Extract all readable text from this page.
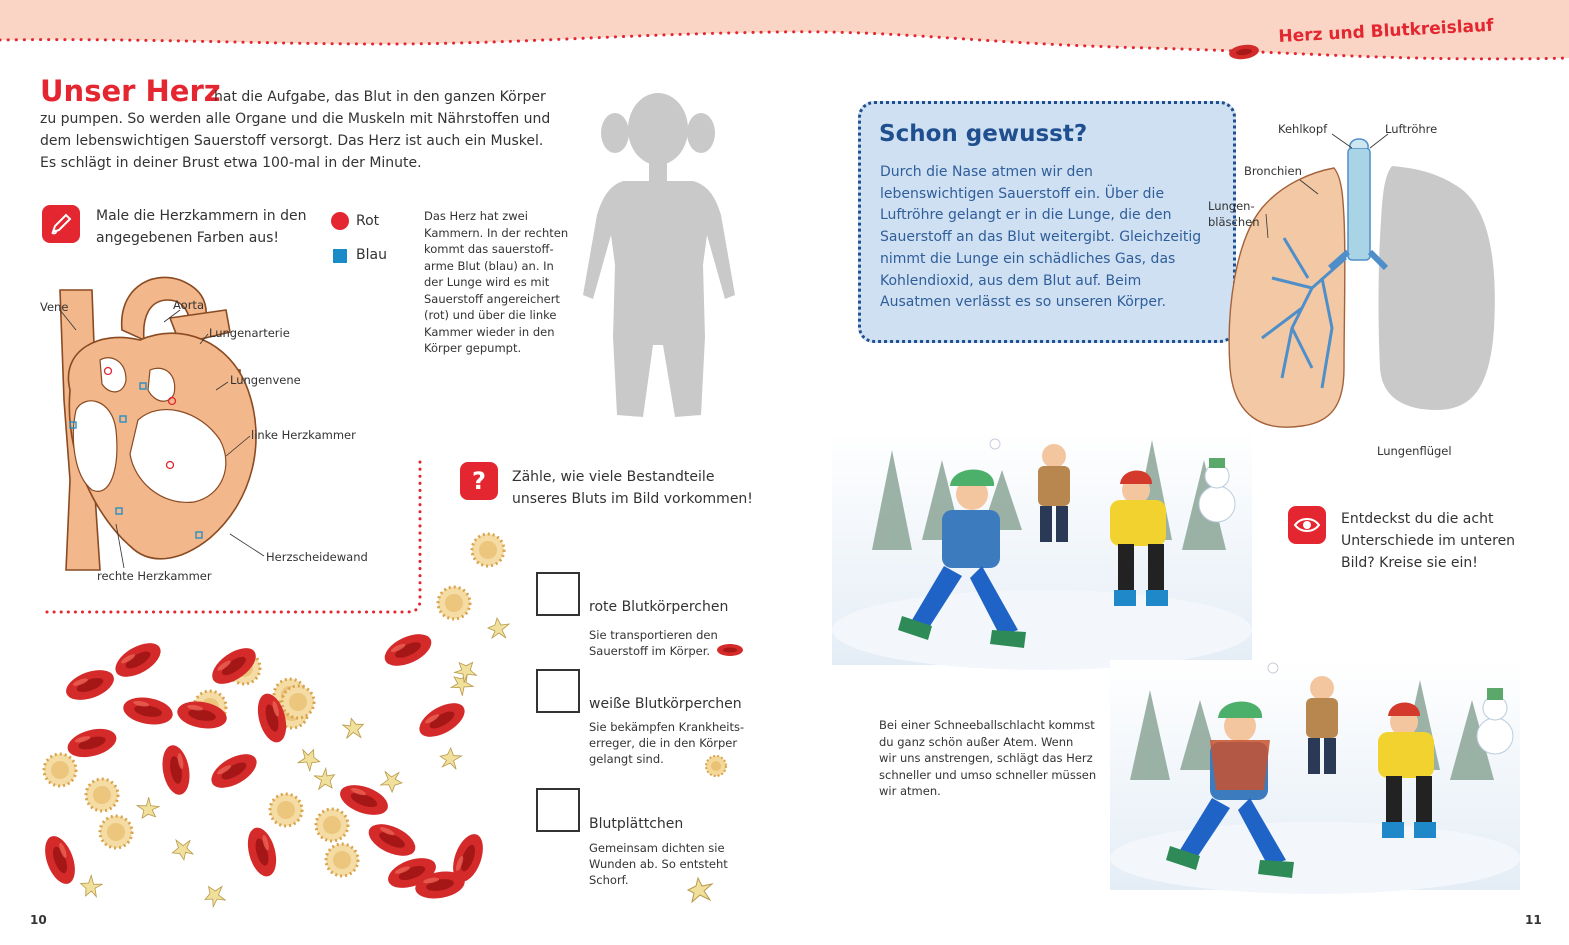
Herz und Blutkreislauf
Unser Herz
hat die Aufgabe, das Blut in den ganzen Körper
zu pumpen. So werden alle Organe und die Muskeln mit Nährstoffen und
dem lebenswichtigen Sauerstoff versorgt. Das Herz ist auch ein Muskel.
Es schlägt in deiner Brust etwa 100-mal in der Minute.
Male die Herzkammern in den
angegebenen Farben aus!
Rot
Blau
Das Herz hat zwei
Kammern. In der rechten
kommt das sauerstoff-
arme Blut (blau) an. In
der Lunge wird es mit
Sauerstoff angereichert
(rot) und über die linke
Kammer wieder in den
Körper gepumpt.
Vene	Aorta
Lungenarterie
Lungenvene
linke Herzkammer
Herzscheidewand
rechte Herzkammer
? Zähle, wie viele Bestandteile
unseres Bluts im Bild vorkommen!
rote Blutkörperchen
Sie transportieren den
Sauerstoff im Körper.
weiße Blutkörperchen
Sie bekämpfen Krankheits-
erreger, die in den Körper
gelangt sind.
Blutplättchen
Gemeinsam dichten sie
Wunden ab. So entsteht
Schorf.
10	11
Schon gewusst?
Durch die Nase atmen wir den
lebenswichtigen Sauerstoff ein. Über die
Luftröhre gelangt er in die Lunge, die den
Sauerstoff an das Blut weitergibt. Gleichzeitig
nimmt die Lunge ein schädliches Gas, das
Kohlendioxid, aus dem Blut auf. Beim
Ausatmen verlässt es so unseren Körper.
Kehlkopf	Luftröhre
Bronchien
Lungen-
bläschen
Lungenflügel
Entdeckst du die acht
Unterschiede im unteren
Bild? Kreise sie ein!
Bei einer Schneeballschlacht kommst
du ganz schön außer Atem. Wenn
wir uns anstrengen, schlägt das Herz
schneller und umso schneller müssen
wir atmen.
